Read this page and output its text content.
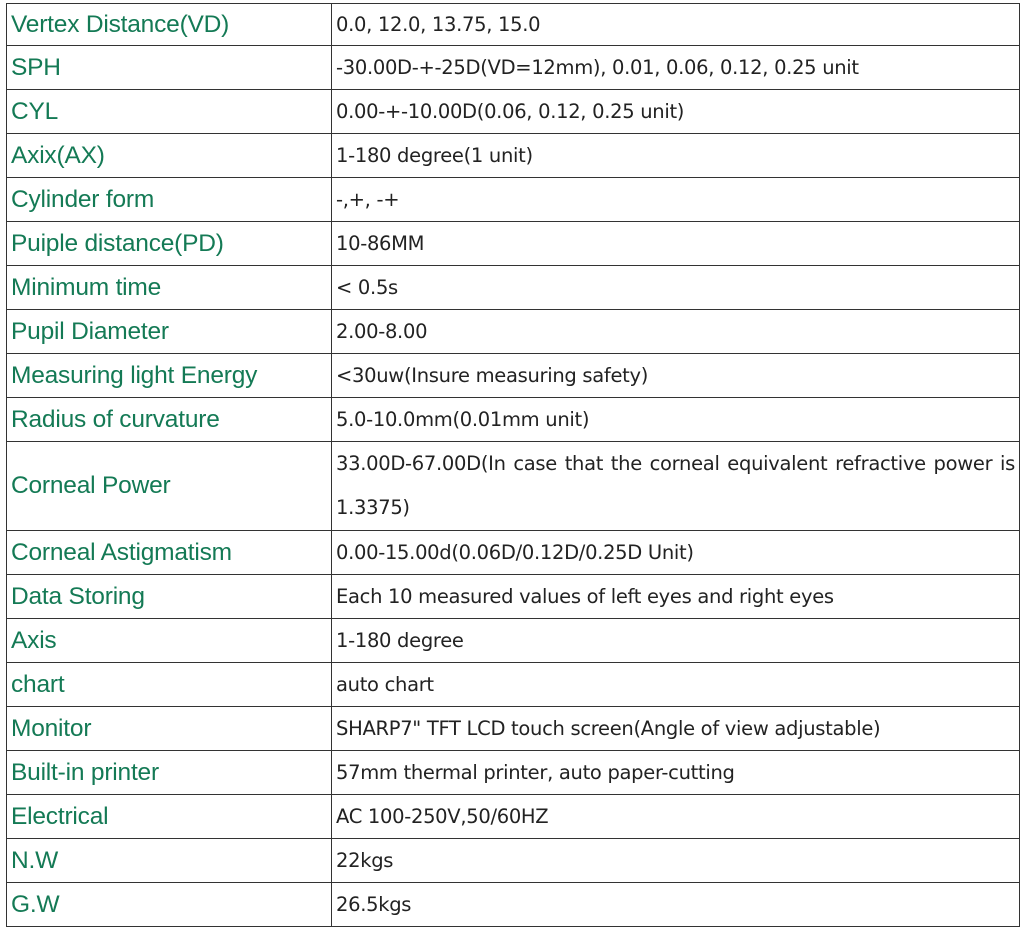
Vertex Distance(VD)	0.0, 12.0, 13.75, 15.0
SPH	-30.00D-+-25D(VD=12mm), 0.01, 0.06, 0.12, 0.25 unit
CYL	0.00-+-10.00D(0.06, 0.12, 0.25 unit)
Axix(AX)	1-180 degree(1 unit)
Cylinder form	-,+, -+
Puiple distance(PD)	10-86MM
Minimum time	< 0.5s
Pupil Diameter	2.00-8.00
Measuring light Energy	<30uw(Insure measuring safety)
Radius of curvature	5.0-10.0mm(0.01mm unit)
Corneal Power	33.00D-67.00D(In case that the corneal equivalent refractive power is 1.3375)
Corneal Astigmatism	0.00-15.00d(0.06D/0.12D/0.25D Unit)
Data Storing	Each 10 measured values of left eyes and right eyes
Axis	1-180 degree
chart	auto chart
Monitor	SHARP7" TFT LCD touch screen(Angle of view adjustable)
Built-in printer	57mm thermal printer, auto paper-cutting
Electrical	AC 100-250V,50/60HZ
N.W	22kgs
G.W	26.5kgs
